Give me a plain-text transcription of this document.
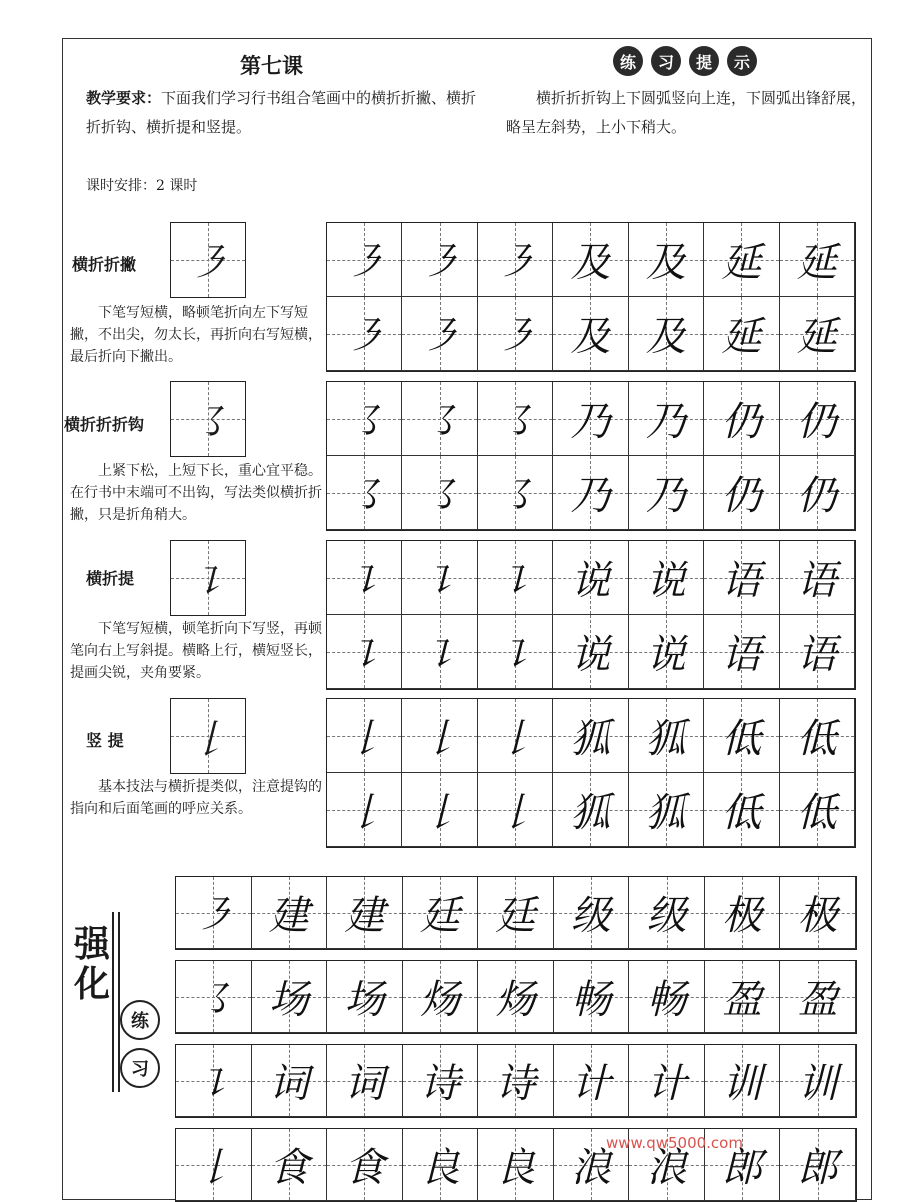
第七课
教学要求：下面我们学习行书组合笔画中的横折折撇、横折折折钩、横折提和竖提。
练	习	提	示
横折折折钩上下圆弧竖向上连，下圆弧出锋舒展，略呈左斜势，上小下稍大。
课时安排：2 课时
横折折撇	㇋
下笔写短横，略顿笔折向左下写短撇，不出尖，勿太长，再折向右写短横，最后折向下撇出。
㇋ ㇋ ㇋ 及 及 延 延
㇋ ㇋ ㇋ 及 及 延 延
横折折折钩	㇌
上紧下松，上短下长，重心宜平稳。在行书中末端可不出钩，写法类似横折折撇，只是折角稍大。
㇌ ㇌ ㇌ 乃 乃 仍 仍
㇌ ㇌ ㇌ 乃 乃 仍 仍
横折提	㇊
下笔写短横，顿笔折向下写竖，再顿笔向右上写斜提。横略上行，横短竖长，提画尖锐，夹角要紧。
㇊ ㇊ ㇊ 说 说 语 语
㇊ ㇊ ㇊ 说 说 语 语
竖 提	𠄌
基本技法与横折提类似，注意提钩的指向和后面笔画的呼应关系。
𠄌 𠄌 𠄌 狐 狐 低 低
𠄌 𠄌 𠄌 狐 狐 低 低
强化
练
习
㇋ 建 建 廷 廷 级 级 极 极
㇌ 场 场 炀 炀 畅 畅 盈 盈
㇊ 词 词 诗 诗 计 计 训 训
𠄌 食 食 良 良 浪 浪 郎 郎
www.qw5000.com
